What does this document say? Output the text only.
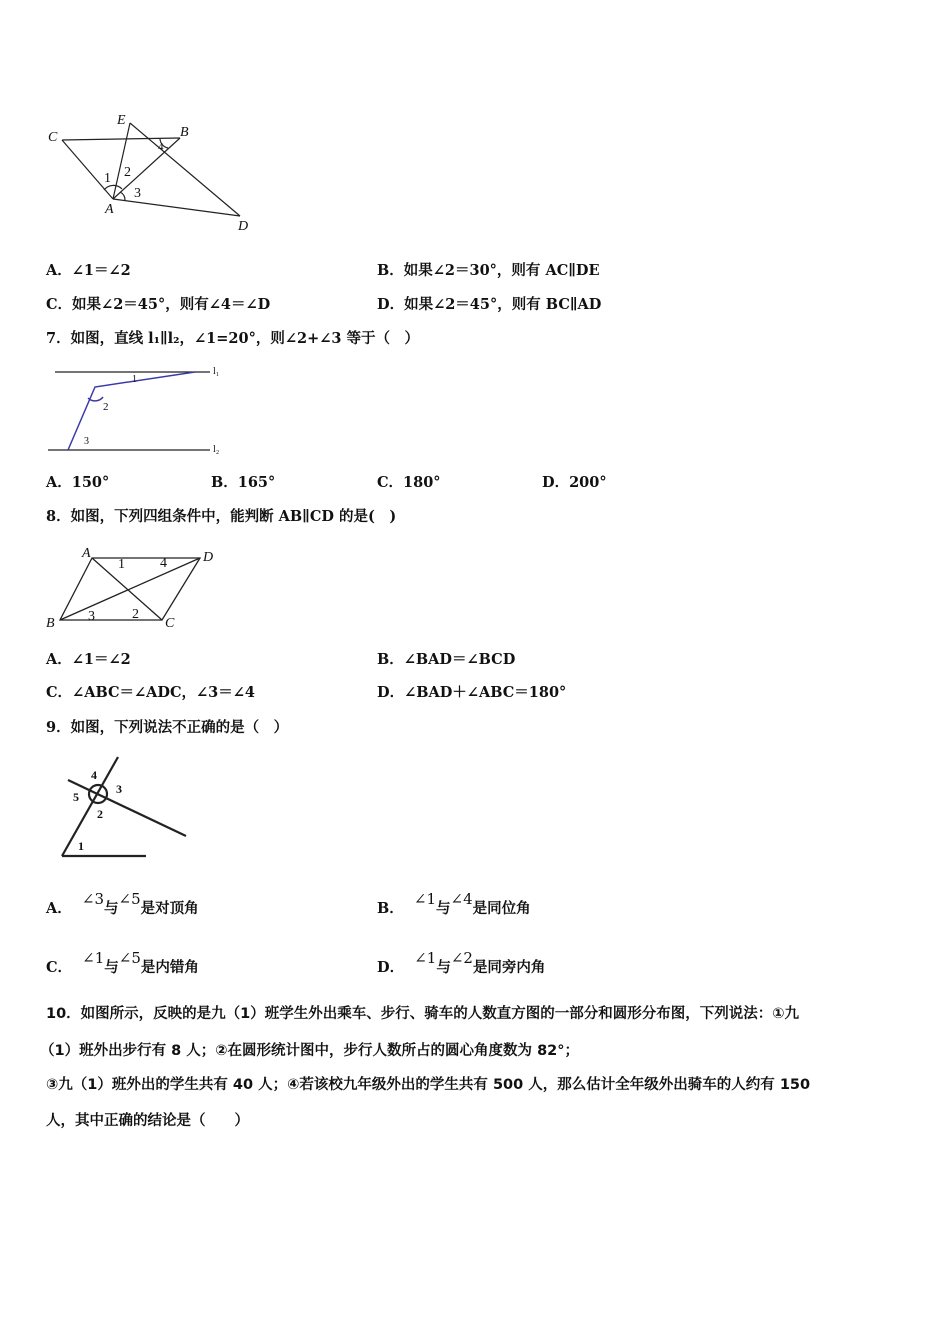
C
E
B
A
D
1 2
3
4
A．∠1＝∠2	B．如果∠2＝30°，则有 AC∥DE
C．如果∠2＝45°，则有∠4＝∠D	D．如果∠2＝45°，则有 BC∥AD
7．如图，直线 l₁∥l₂，∠1=20°，则∠2+∠3 等于（　）
l₁
l₂
1
2
3
A．150°	B．165°	C．180°	D．200°
8．如图，下列四组条件中，能判断 AB∥CD 的是(　)
A	D
B	C
1
2
3
4
A．∠1＝∠2	B．∠BAD＝∠BCD
C．∠ABC＝∠ADC，∠3＝∠4	D．∠BAD＋∠ABC＝180°
9．如图，下列说法不正确的是（　）
4
3
5
2
1
A．  ∠3与∠5是对顶角	B．  ∠1与∠4是同位角
C．  ∠1与∠5是内错角	D．  ∠1与∠2是同旁内角
10．如图所示，反映的是九（1）班学生外出乘车、步行、骑车的人数直方图的一部分和圆形分布图，下列说法：①九
（1）班外出步行有 8 人；②在圆形统计图中，步行人数所占的圆心角度数为 82°；
③九（1）班外出的学生共有 40 人；④若该校九年级外出的学生共有 500 人，那么估计全年级外出骑车的人约有 150
人，其中正确的结论是（　　）
